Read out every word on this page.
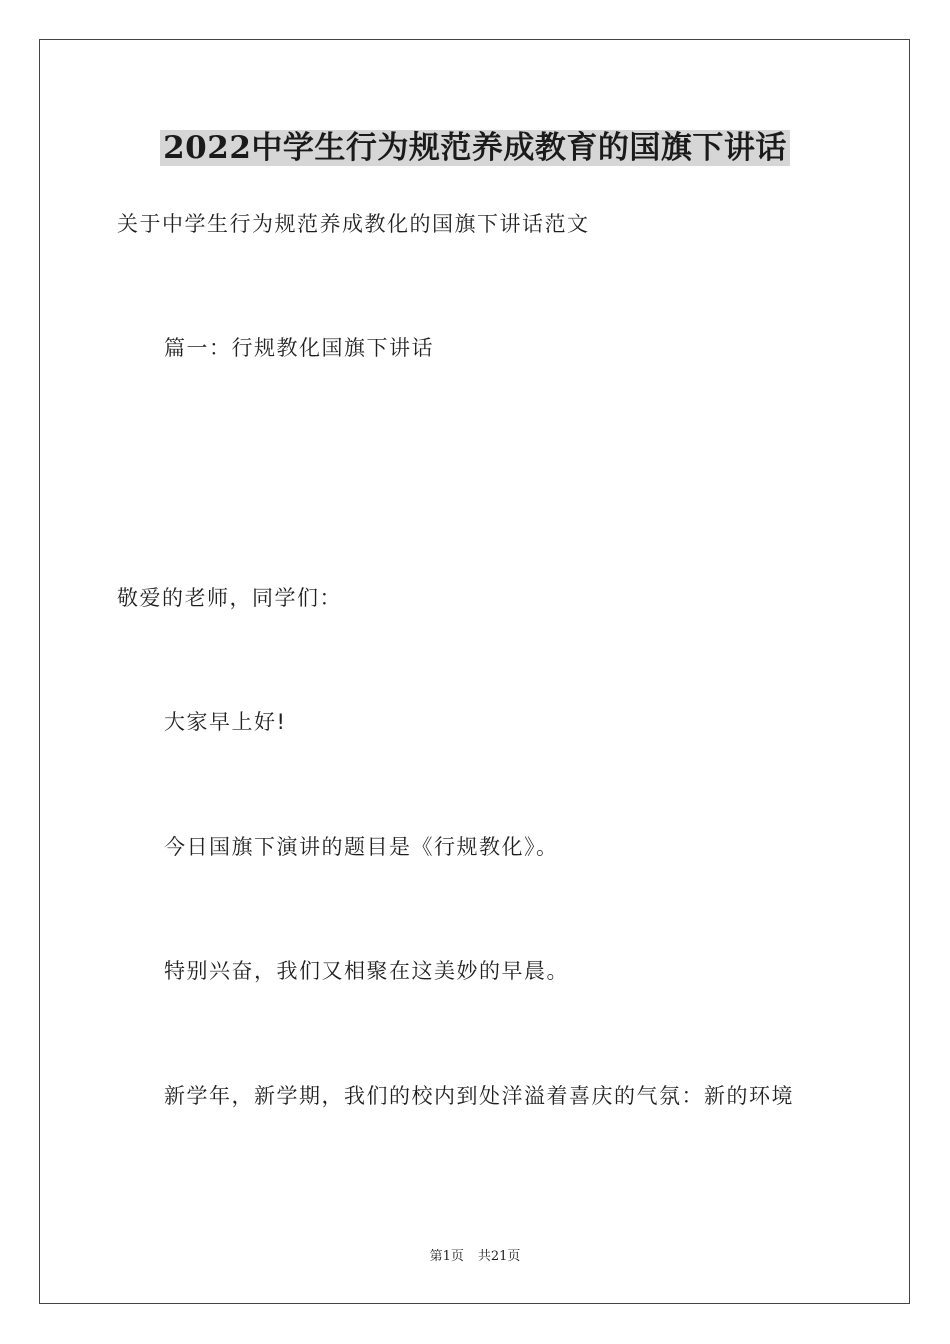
2022中学生行为规范养成教育的国旗下讲话
关于中学生行为规范养成教化的国旗下讲话范文
篇一：行规教化国旗下讲话
敬爱的老师，同学们：
大家早上好!
今日国旗下演讲的题目是《行规教化》。
特别兴奋，我们又相聚在这美妙的早晨。
新学年，新学期，我们的校内到处洋溢着喜庆的气氛：新的环境
第1页 共21页
